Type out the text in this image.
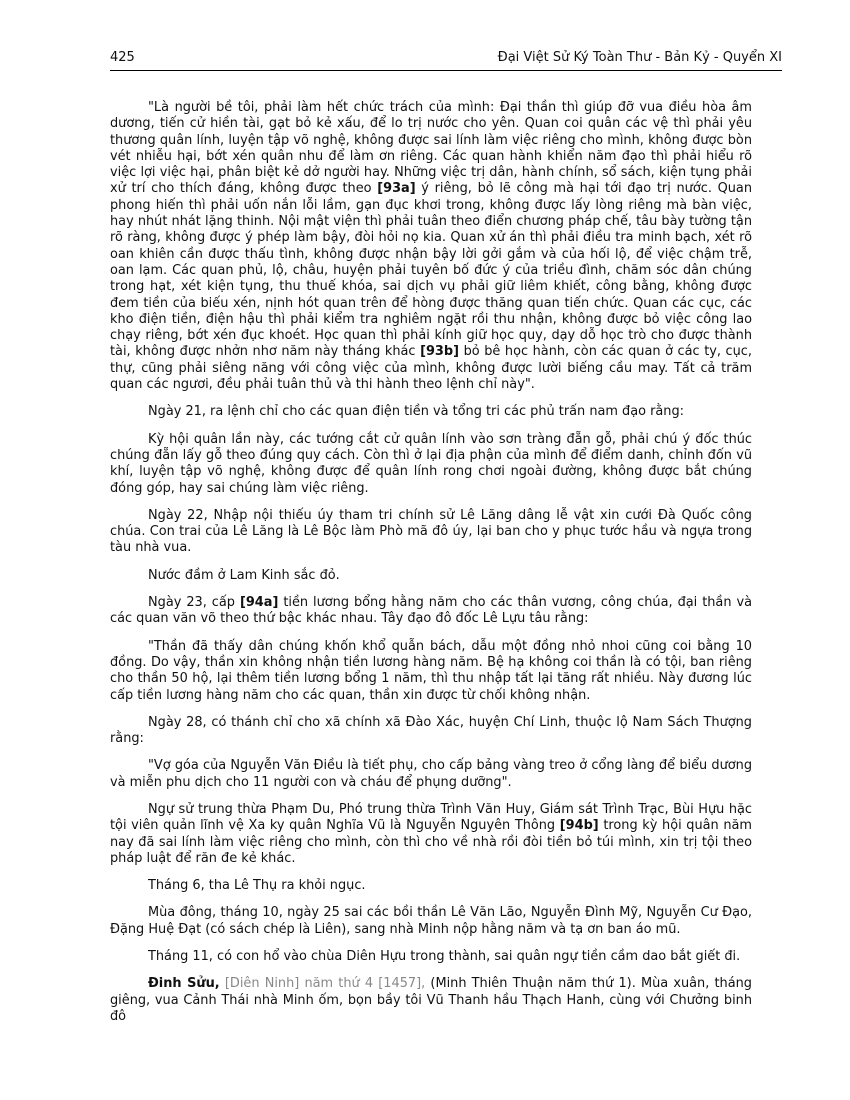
425	Đại Việt Sử Ký Toàn Thư - Bản Kỷ - Quyển XI

"Là người bề tôi, phải làm hết chức trách của mình: Đại thần thì giúp đỡ vua điều hòa âm dương, tiến cử hiền tài, gạt bỏ kẻ xấu, để lo trị nước cho yên. Quan coi quân các vệ thì phải yêu thương quân lính, luyện tập võ nghệ, không được sai lính làm việc riêng cho mình, không được bòn vét nhiễu hại, bớt xén quân nhu để làm ơn riêng. Các quan hành khiển năm đạo thì phải hiểu rõ việc lợi việc hại, phân biệt kẻ dở người hay. Những việc trị dân, hành chính, sổ sách, kiện tụng phải xử trí cho thích đáng, không được theo [93a] ý riêng, bỏ lẽ công mà hại tới đạo trị nước. Quan phong hiến thì phải uốn nắn lỗi lầm, gạn đục khơi trong, không được lấy lòng riêng mà bàn việc, hay nhút nhát lặng thinh. Nội mật viện thì phải tuân theo điển chương pháp chế, tâu bày tường tận rõ ràng, không được ý phép làm bậy, đòi hỏi nọ kia. Quan xử án thì phải điều tra minh bạch, xét rõ oan khiên cần được thấu tình, không được nhận bậy lời gởi gắm và của hối lộ, để việc chậm trễ, oan lạm. Các quan phủ, lộ, châu, huyện phải tuyên bố đức ý của triều đình, chăm sóc dân chúng trong hạt, xét kiện tụng, thu thuế khóa, sai dịch vụ phải giữ liêm khiết, công bằng, không được đem tiền của biếu xén, nịnh hót quan trên để hòng được thăng quan tiến chức. Quan các cục, các kho điện tiền, điện hậu thì phải kiểm tra nghiêm ngặt rồi thu nhận, không được bỏ việc công lao chạy riêng, bớt xén đục khoét. Học quan thì phải kính giữ học quy, dạy dỗ học trò cho được thành tài, không được nhởn nhơ năm này tháng khác [93b] bỏ bê học hành, còn các quan ở các ty, cục, thự, cũng phải siêng năng với công việc của mình, không được lười biếng cầu may. Tất cả trăm quan các ngươi, đều phải tuân thủ và thi hành theo lệnh chỉ này".

Ngày 21, ra lệnh chỉ cho các quan điện tiền và tổng tri các phủ trấn nam đạo rằng:

Kỳ hội quân lần này, các tướng cắt cử quân lính vào sơn tràng đẵn gỗ, phải chú ý đốc thúc chúng đẵn lấy gỗ theo đúng quy cách. Còn thì ở lại địa phận của mình để điểm danh, chỉnh đốn vũ khí, luyện tập võ nghệ, không được để quân lính rong chơi ngoài đường, không được bắt chúng đóng góp, hay sai chúng làm việc riêng.

Ngày 22, Nhập nội thiếu úy tham tri chính sử Lê Lăng dâng lễ vật xin cưới Đà Quốc công chúa. Con trai của Lê Lăng là Lê Bộc làm Phò mã đô úy, lại ban cho y phục tước hầu và ngựa trong tàu nhà vua.

Nước đầm ở Lam Kinh sắc đỏ.

Ngày 23, cấp [94a] tiền lương bổng hằng năm cho các thân vương, công chúa, đại thần và các quan văn võ theo thứ bậc khác nhau. Tây đạo đô đốc Lê Lựu tâu rằng:

"Thần đã thấy dân chúng khốn khổ quẫn bách, dẫu một đồng nhỏ nhoi cũng coi bằng 10 đồng. Do vậy, thần xin không nhận tiền lương hàng năm. Bệ hạ không coi thần là có tội, ban riêng cho thần 50 hộ, lại thêm tiền lương bổng 1 năm, thì thu nhập tất lại tăng rất nhiều. Này đương lúc cấp tiền lương hàng năm cho các quan, thần xin được từ chối không nhận.

Ngày 28, có thánh chỉ cho xã chính xã Đào Xác, huyện Chí Linh, thuộc lộ Nam Sách Thượng rằng:

"Vợ góa của Nguyễn Văn Điều là tiết phụ, cho cấp bảng vàng treo ở cổng làng để biểu dương và miễn phu dịch cho 11 người con và cháu để phụng dưỡng".

Ngự sử trung thừa Phạm Du, Phó trung thừa Trình Văn Huy, Giám sát Trình Trạc, Bùi Hựu hặc tội viên quản lĩnh vệ Xa ky quân Nghĩa Vũ là Nguyễn Nguyên Thông [94b] trong kỳ hội quân năm nay đã sai lính làm việc riêng cho mình, còn thì cho về nhà rồi đòi tiền bỏ túi mình, xin trị tội theo pháp luật để răn đe kẻ khác.

Tháng 6, tha Lê Thụ ra khỏi ngục.

Mùa đông, tháng 10, ngày 25 sai các bồi thần Lê Văn Lão, Nguyễn Đình Mỹ, Nguyễn Cư Đạo, Đặng Huệ Đạt (có sách chép là Liên), sang nhà Minh nộp hằng năm và tạ ơn ban áo mũ.

Tháng 11, có con hổ vào chùa Diên Hựu trong thành, sai quân ngự tiền cầm dao bắt giết đi.

Đinh Sửu, [Diên Ninh] năm thứ 4 [1457], (Minh Thiên Thuận năm thứ 1). Mùa xuân, tháng giêng, vua Cảnh Thái nhà Minh ốm, bọn bầy tôi Vũ Thanh hầu Thạch Hanh, cùng với Chưởng binh đô
